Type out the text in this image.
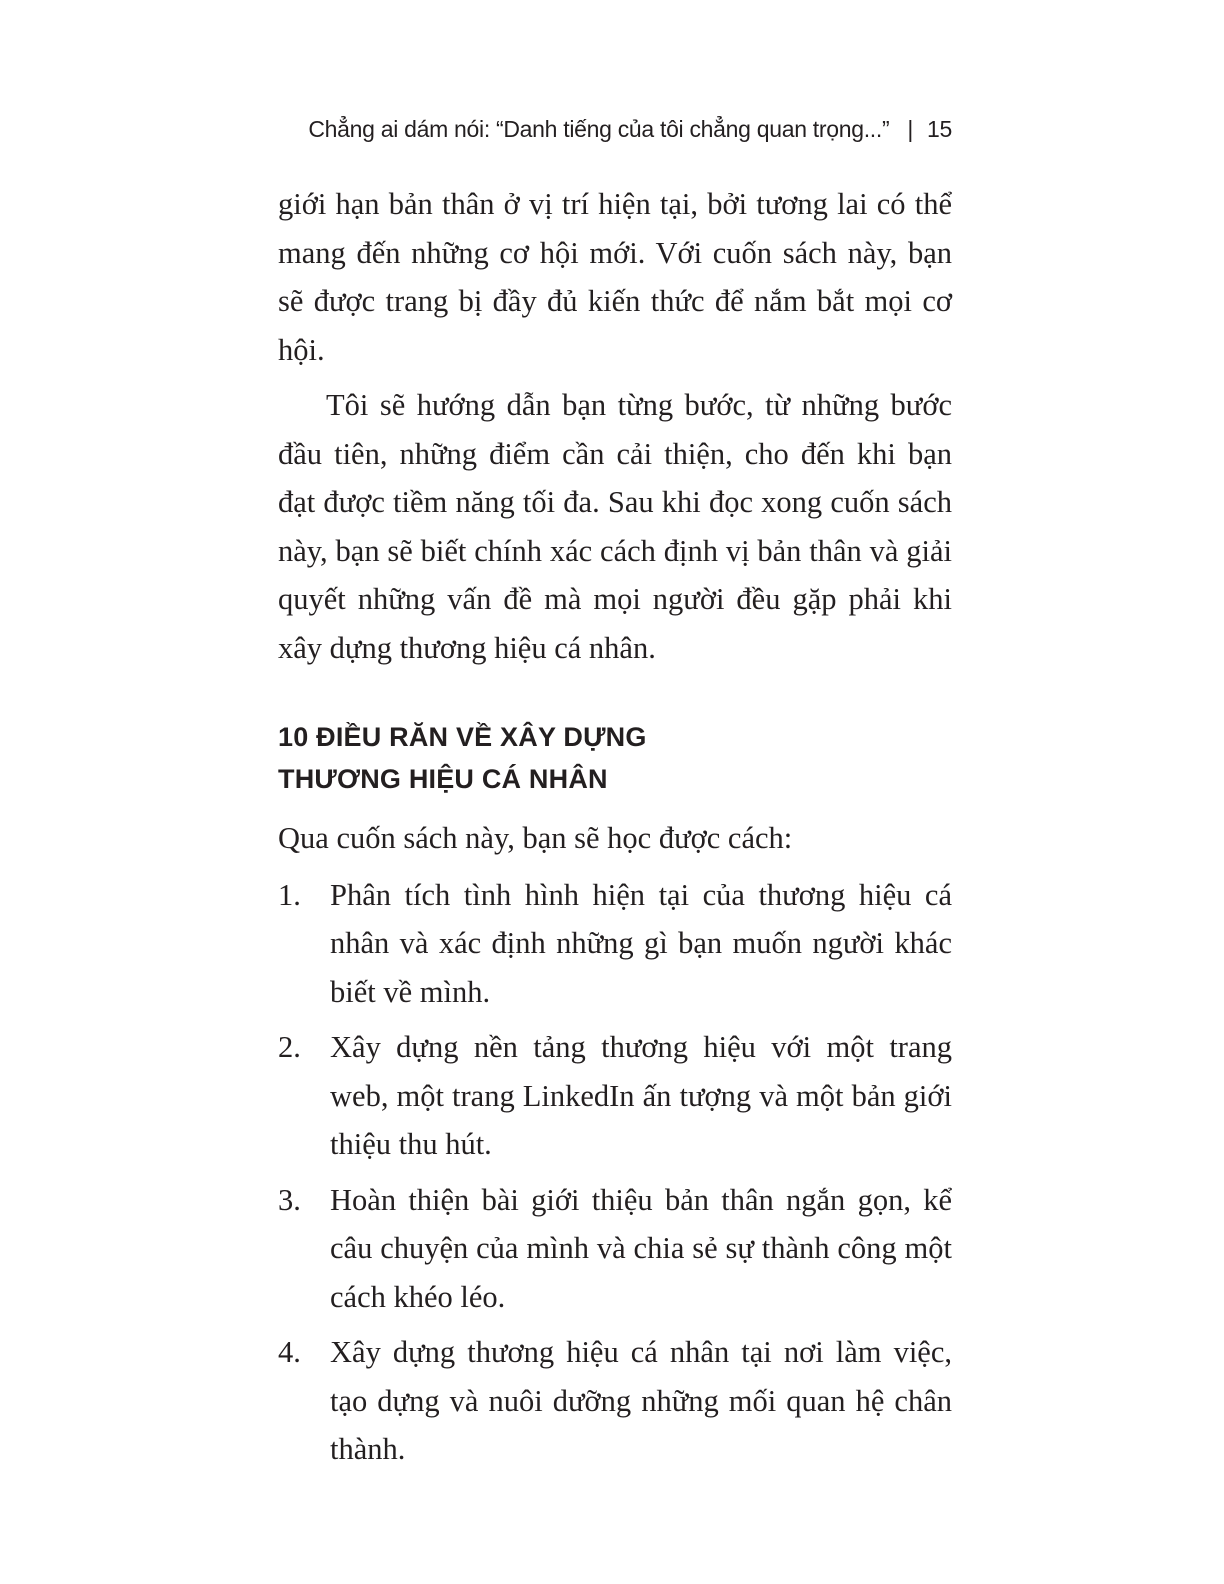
Chẳng ai dám nói: “Danh tiếng của tôi chẳng quan trọng...” | 15

giới hạn bản thân ở vị trí hiện tại, bởi tương lai có thể mang đến những cơ hội mới. Với cuốn sách này, bạn sẽ được trang bị đầy đủ kiến thức để nắm bắt mọi cơ hội.

Tôi sẽ hướng dẫn bạn từng bước, từ những bước đầu tiên, những điểm cần cải thiện, cho đến khi bạn đạt được tiềm năng tối đa. Sau khi đọc xong cuốn sách này, bạn sẽ biết chính xác cách định vị bản thân và giải quyết những vấn đề mà mọi người đều gặp phải khi xây dựng thương hiệu cá nhân.

10 ĐIỀU RĂN VỀ XÂY DỰNG
THƯƠNG HIỆU CÁ NHÂN

Qua cuốn sách này, bạn sẽ học được cách:

1. Phân tích tình hình hiện tại của thương hiệu cá nhân và xác định những gì bạn muốn người khác biết về mình.
2. Xây dựng nền tảng thương hiệu với một trang web, một trang LinkedIn ấn tượng và một bản giới thiệu thu hút.
3. Hoàn thiện bài giới thiệu bản thân ngắn gọn, kể câu chuyện của mình và chia sẻ sự thành công một cách khéo léo.
4. Xây dựng thương hiệu cá nhân tại nơi làm việc, tạo dựng và nuôi dưỡng những mối quan hệ chân thành.
